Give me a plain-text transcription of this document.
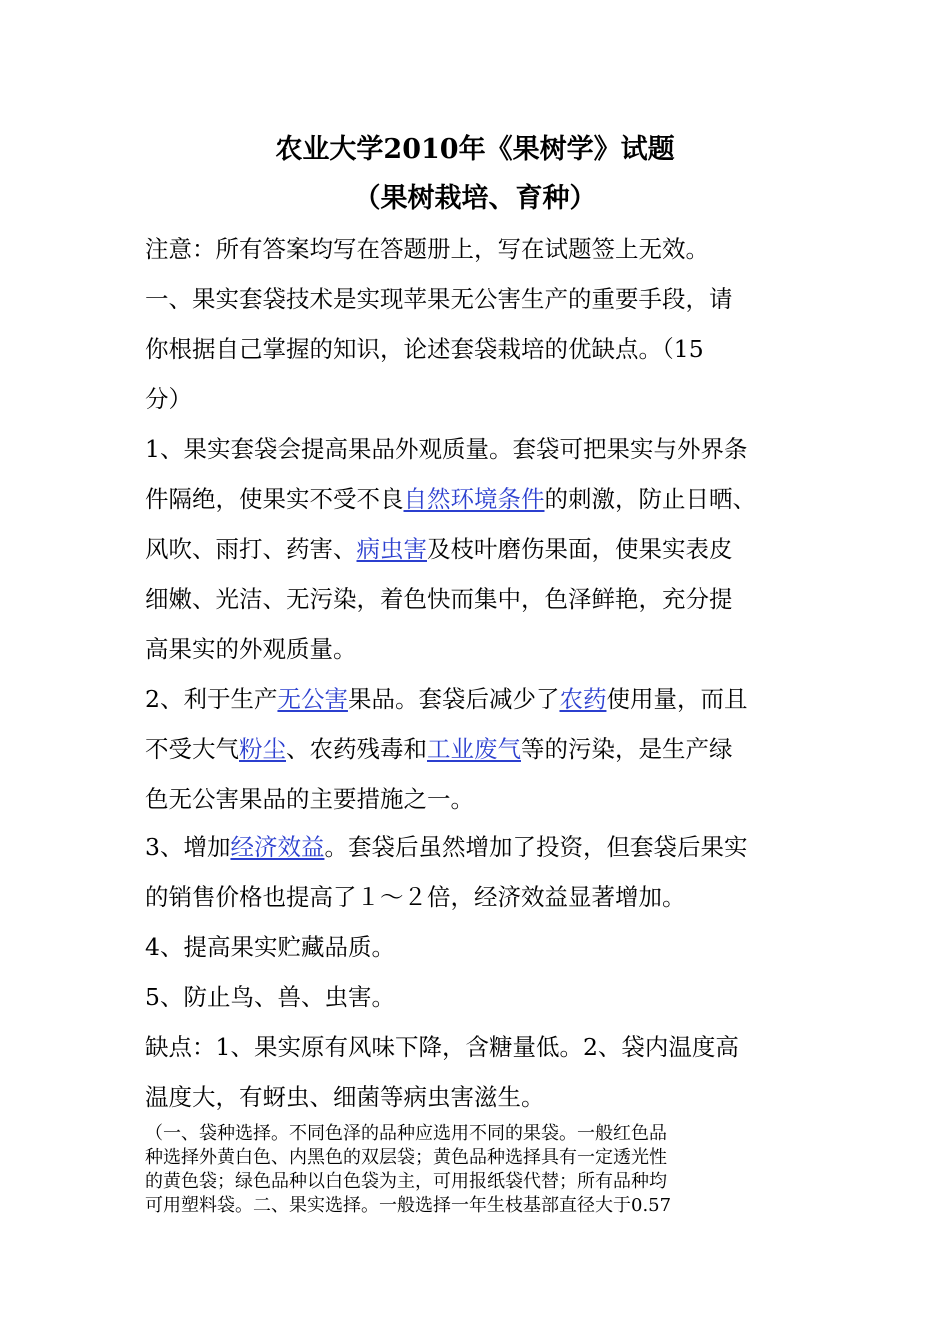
农业大学2010年《果树学》试题
（果树栽培、育种）

注意：所有答案均写在答题册上，写在试题签上无效。

一、果实套袋技术是实现苹果无公害生产的重要手段，请

你根据自己掌握的知识，论述套袋栽培的优缺点。（15

分）

1、果实套袋会提高果品外观质量。套袋可把果实与外界条

件隔绝，使果实不受不良自然环境条件的刺激，防止日晒、

风吹、雨打、药害、病虫害及枝叶磨伤果面，使果实表皮

细嫩、光洁、无污染，着色快而集中，色泽鲜艳，充分提

高果实的外观质量。

2、利于生产无公害果品。套袋后减少了农药使用量，而且

不受大气粉尘、农药残毒和工业废气等的污染，是生产绿

色无公害果品的主要措施之一。

3、增加经济效益。套袋后虽然增加了投资，但套袋后果实

的销售价格也提高了１～２倍，经济效益显著增加。

4、提高果实贮藏品质。

5、防止鸟、兽、虫害。

缺点：1、果实原有风味下降，含糖量低。2、袋内温度高

温度大，有蚜虫、细菌等病虫害滋生。

（一、袋种选择。不同色泽的品种应选用不同的果袋。一般红色品

种选择外黄白色、内黑色的双层袋；黄色品种选择具有一定透光性

的黄色袋；绿色品种以白色袋为主，可用报纸袋代替；所有品种均

可用塑料袋。二、果实选择。一般选择一年生枝基部直径大于0.57
